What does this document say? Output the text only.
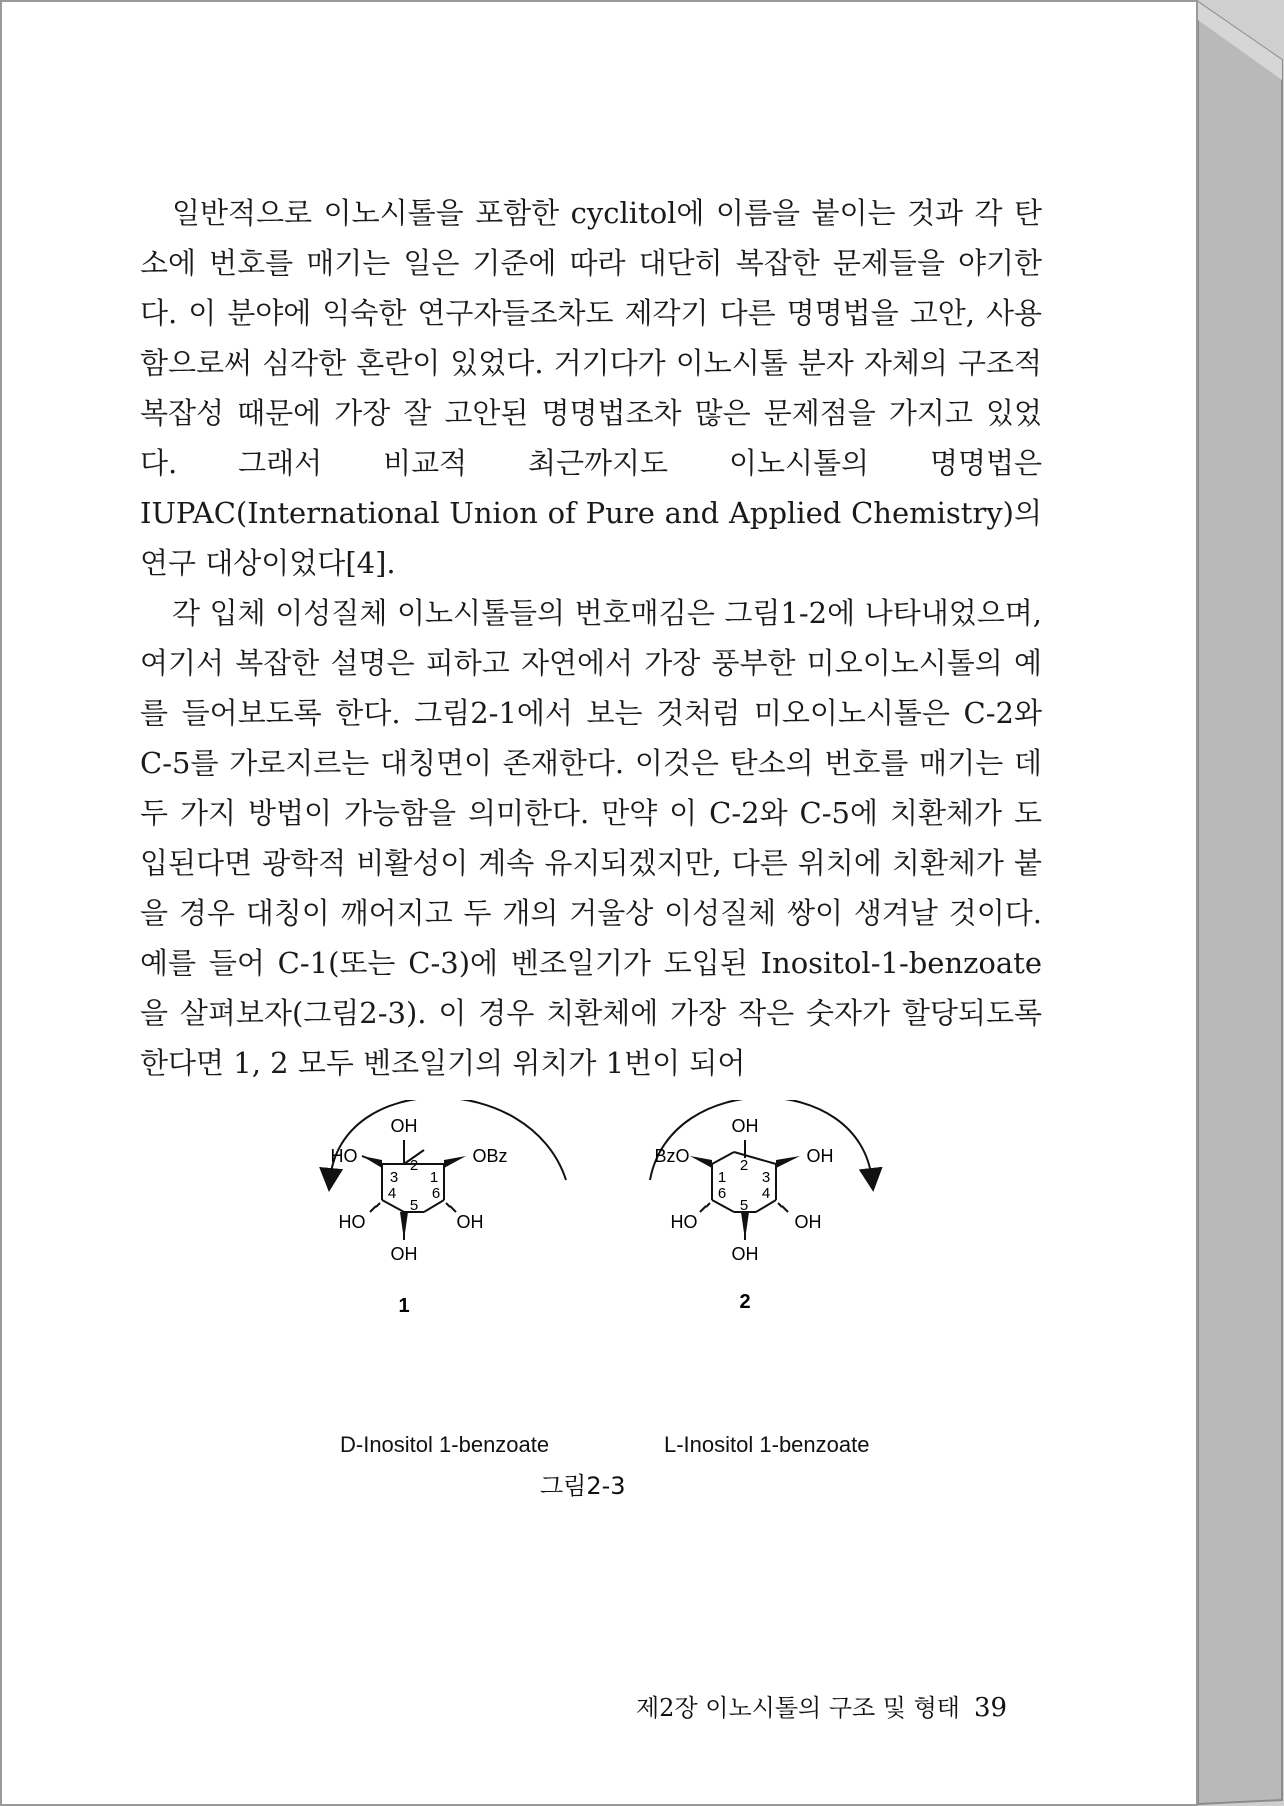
일반적으로 이노시톨을 포함한 cyclitol에 이름을 붙이는 것과 각 탄소에 번호를 매기는 일은 기준에 따라 대단히 복잡한 문제들을 야기한다. 이 분야에 익숙한 연구자들조차도 제각기 다른 명명법을 고안, 사용함으로써 심각한 혼란이 있었다. 거기다가 이노시톨 분자 자체의 구조적 복잡성 때문에 가장 잘 고안된 명명법조차 많은 문제점을 가지고 있었다. 그래서 비교적 최근까지도 이노시톨의 명명법은 IUPAC(International Union of Pure and Applied Chemistry)의 연구 대상이었다[4].

각 입체 이성질체 이노시톨들의 번호매김은 그림1-2에 나타내었으며, 여기서 복잡한 설명은 피하고 자연에서 가장 풍부한 미오이노시톨의 예를 들어보도록 한다. 그림2-1에서 보는 것처럼 미오이노시톨은 C-2와 C-5를 가로지르는 대칭면이 존재한다. 이것은 탄소의 번호를 매기는 데 두 가지 방법이 가능함을 의미한다. 만약 이 C-2와 C-5에 치환체가 도입된다면 광학적 비활성이 계속 유지되겠지만, 다른 위치에 치환체가 붙을 경우 대칭이 깨어지고 두 개의 거울상 이성질체 쌍이 생겨날 것이다. 예를 들어 C-1(또는 C-3)에 벤조일기가 도입된 Inositol-1-benzoate을 살펴보자(그림2-3). 이 경우 치환체에 가장 작은 숫자가 할당되도록 한다면 1, 2 모두 벤조일기의 위치가 1번이 되어

OH
HO	OBz
HO	OH
OH
3
2
1
4
5
6
1
OH
BzO	OH
HO	OH
OH
1
2
3
6
5
4
2
D-Inositol 1-benzoate	L-Inositol 1-benzoate
그림2-3
제2장 이노시톨의 구조 및 형태 39
